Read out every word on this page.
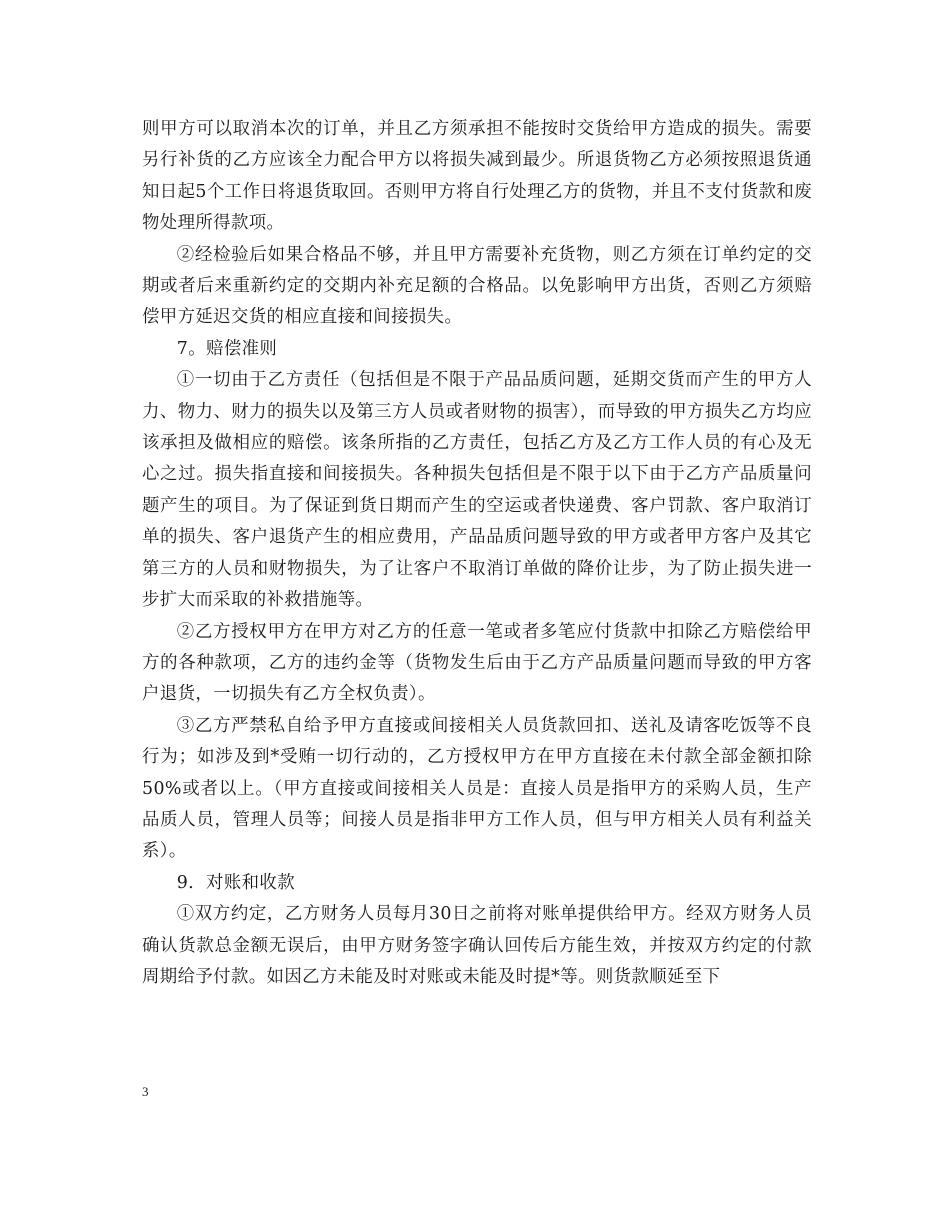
则甲方可以取消本次的订单，并且乙方须承担不能按时交货给甲方造成的损失。需要另行补货的乙方应该全力配合甲方以将损失减到最少。所退货物乙方必须按照退货通知日起5个工作日将退货取回。否则甲方将自行处理乙方的货物，并且不支付货款和废物处理所得款项。

②经检验后如果合格品不够，并且甲方需要补充货物，则乙方须在订单约定的交期或者后来重新约定的交期内补充足额的合格品。以免影响甲方出货，否则乙方须赔偿甲方延迟交货的相应直接和间接损失。

7。赔偿准则

①一切由于乙方责任（包括但是不限于产品品质问题，延期交货而产生的甲方人力、物力、财力的损失以及第三方人员或者财物的损害），而导致的甲方损失乙方均应该承担及做相应的赔偿。该条所指的乙方责任，包括乙方及乙方工作人员的有心及无心之过。损失指直接和间接损失。各种损失包括但是不限于以下由于乙方产品质量问题产生的项目。为了保证到货日期而产生的空运或者快递费、客户罚款、客户取消订单的损失、客户退货产生的相应费用，产品品质问题导致的甲方或者甲方客户及其它第三方的人员和财物损失，为了让客户不取消订单做的降价让步，为了防止损失进一步扩大而采取的补救措施等。

②乙方授权甲方在甲方对乙方的任意一笔或者多笔应付货款中扣除乙方赔偿给甲方的各种款项，乙方的违约金等（货物发生后由于乙方产品质量问题而导致的甲方客户退货，一切损失有乙方全权负责）。

③乙方严禁私自给予甲方直接或间接相关人员货款回扣、送礼及请客吃饭等不良行为；如涉及到*受贿一切行动的，乙方授权甲方在甲方直接在未付款全部金额扣除50%或者以上。（甲方直接或间接相关人员是：直接人员是指甲方的采购人员，生产品质人员，管理人员等；间接人员是指非甲方工作人员，但与甲方相关人员有利益关系）。

9．对账和收款

①双方约定，乙方财务人员每月30日之前将对账单提供给甲方。经双方财务人员确认货款总金额无误后，由甲方财务签字确认回传后方能生效，并按双方约定的付款周期给予付款。如因乙方未能及时对账或未能及时提*等。则货款顺延至下

3
